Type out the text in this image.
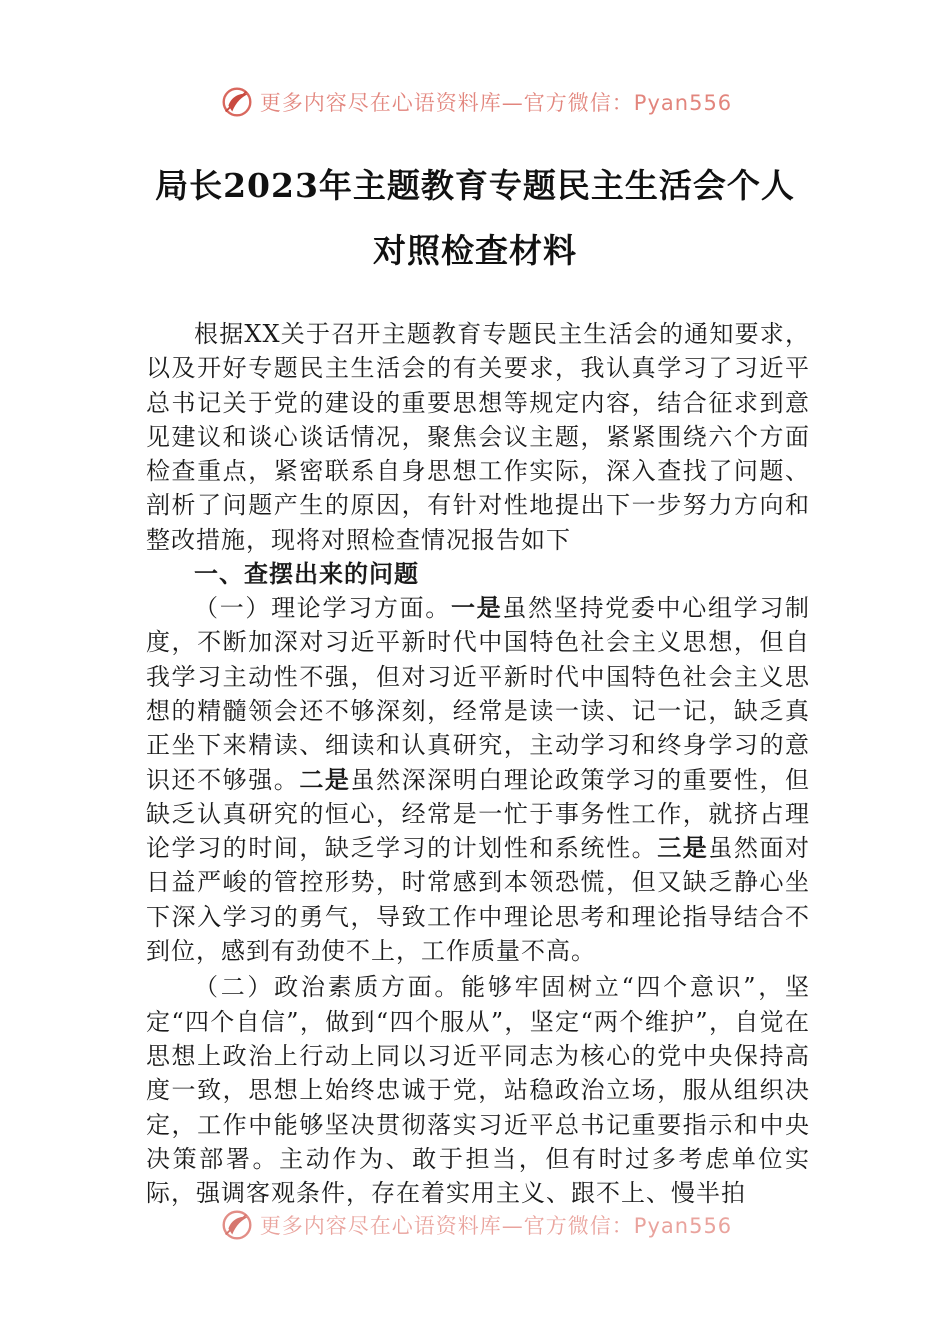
更多内容尽在心语资料库—官方微信：Pyan556
局长2023年主题教育专题民主生活会个人
对照检查材料

根据XX关于召开主题教育专题民主生活会的通知要求，以及开好专题民主生活会的有关要求，我认真学习了习近平总书记关于党的建设的重要思想等规定内容，结合征求到意见建议和谈心谈话情况，聚焦会议主题，紧紧围绕六个方面检查重点，紧密联系自身思想工作实际，深入查找了问题、剖析了问题产生的原因，有针对性地提出下一步努力方向和整改措施，现将对照检查情况报告如下

一、查摆出来的问题

（一）理论学习方面。一是虽然坚持党委中心组学习制度，不断加深对习近平新时代中国特色社会主义思想，但自我学习主动性不强，但对习近平新时代中国特色社会主义思想的精髓领会还不够深刻，经常是读一读、记一记，缺乏真正坐下来精读、细读和认真研究，主动学习和终身学习的意识还不够强。二是虽然深深明白理论政策学习的重要性，但缺乏认真研究的恒心，经常是一忙于事务性工作，就挤占理论学习的时间，缺乏学习的计划性和系统性。三是虽然面对日益严峻的管控形势，时常感到本领恐慌，但又缺乏静心坐下深入学习的勇气，导致工作中理论思考和理论指导结合不到位，感到有劲使不上，工作质量不高。

（二）政治素质方面。能够牢固树立“四个意识”，坚定“四个自信”，做到“四个服从”，坚定“两个维护”，自觉在思想上政治上行动上同以习近平同志为核心的党中央保持高度一致，思想上始终忠诚于党，站稳政治立场，服从组织决定，工作中能够坚决贯彻落实习近平总书记重要指示和中央决策部署。主动作为、敢于担当，但有时过多考虑单位实际，强调客观条件，存在着实用主义、跟不上、慢半拍

更多内容尽在心语资料库—官方微信：Pyan556
